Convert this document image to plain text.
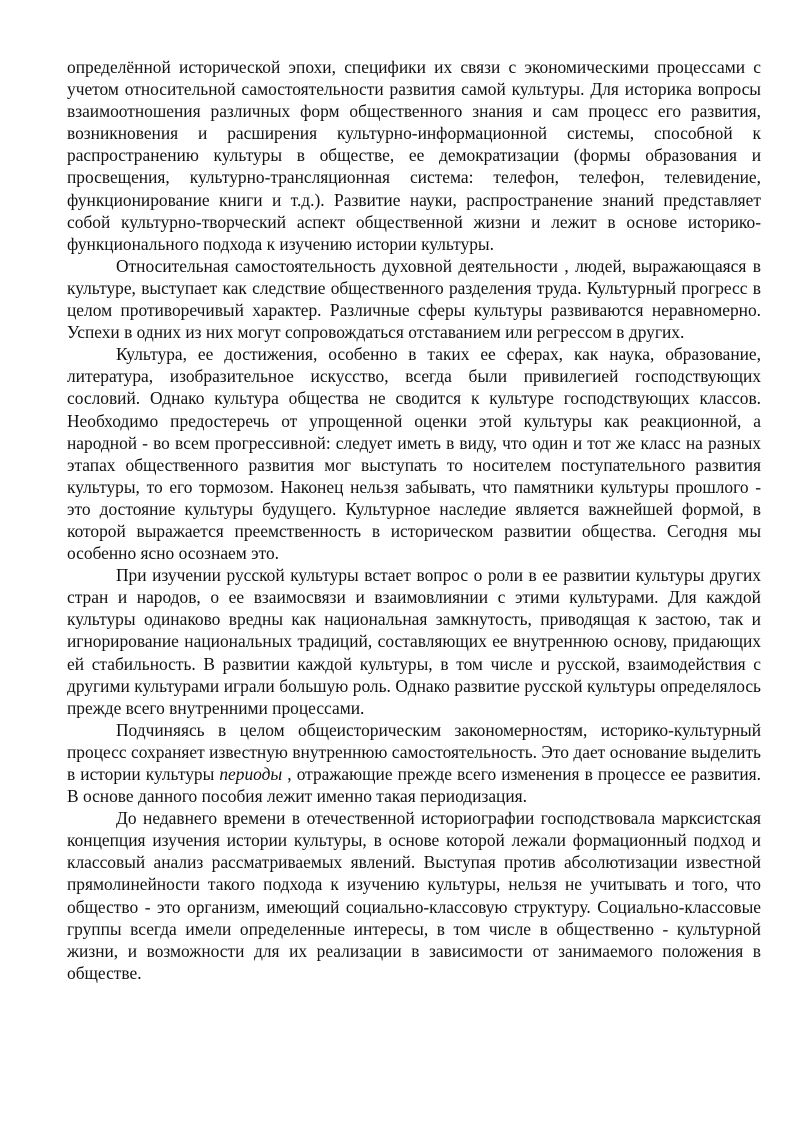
определённой исторической эпохи, специфики их связи с экономическими процессами с учетом относительной самостоятельности развития самой культуры. Для историка вопросы взаимоотношения различных форм общественного знания и сам процесс его развития, возникновения и расширения культурно-информационной системы, способной к распространению культуры в обществе, ее демократизации (формы образования и просвещения, культурно-трансляционная система: телефон, телефон, телевидение, функционирование книги и т.д.). Развитие науки, распространение знаний представляет собой культурно-творческий аспект общественной жизни и лежит в основе историко-функционального подхода к изучению истории культуры.

Относительная самостоятельность духовной деятельности , людей, выражающаяся в культуре, выступает как следствие общественного разделения труда. Культурный прогресс в целом противоречивый характер. Различные сферы культуры развиваются неравномерно. Успехи в одних из них могут сопровождаться отставанием или регрессом в других.

Культура, ее достижения, особенно в таких ее сферах, как наука, образование, литература, изобразительное искусство, всегда были привилегией господствующих сословий. Однако культура общества не сводится к культуре господствующих классов. Необходимо предостеречь от упрощенной оценки этой культуры как реакционной, а народной - во всем прогрессивной: следует иметь в виду, что один и тот же класс на разных этапах общественного развития мог выступать то носителем поступательного развития культуры, то его тормозом. Наконец нельзя забывать, что памятники культуры прошлого - это достояние культуры будущего. Культурное наследие является важнейшей формой, в которой выражается преемственность в историческом развитии общества. Сегодня мы особенно ясно осознаем это.

При изучении русской культуры встает вопрос о роли в ее развитии культуры других стран и народов, о ее взаимосвязи и взаимовлиянии с этими культурами. Для каждой культуры одинаково вредны как национальная замкнутость, приводящая к застою, так и игнорирование национальных традиций, составляющих ее внутреннюю основу, придающих ей стабильность. В развитии каждой культуры, в том числе и русской, взаимодействия с другими культурами играли большую роль. Однако развитие русской культуры определялось прежде всего внутренними процессами.

Подчиняясь в целом общеисторическим закономерностям, историко-культурный процесс сохраняет известную внутреннюю самостоятельность. Это дает основание выделить в истории культуры периоды , отражающие прежде всего изменения в процессе ее развития. В основе данного пособия лежит именно такая периодизация.

До недавнего времени в отечественной историографии господствовала марксистская концепция изучения истории культуры, в основе которой лежали формационный подход и классовый анализ рассматриваемых явлений. Выступая против абсолютизации известной прямолинейности такого подхода к изучению культуры, нельзя не учитывать и того, что общество - это организм, имеющий социально-классовую структуру. Социально-классовые группы всегда имели определенные интересы, в том числе в общественно - культурной жизни, и возможности для их реализации в зависимости от занимаемого положения в обществе.
